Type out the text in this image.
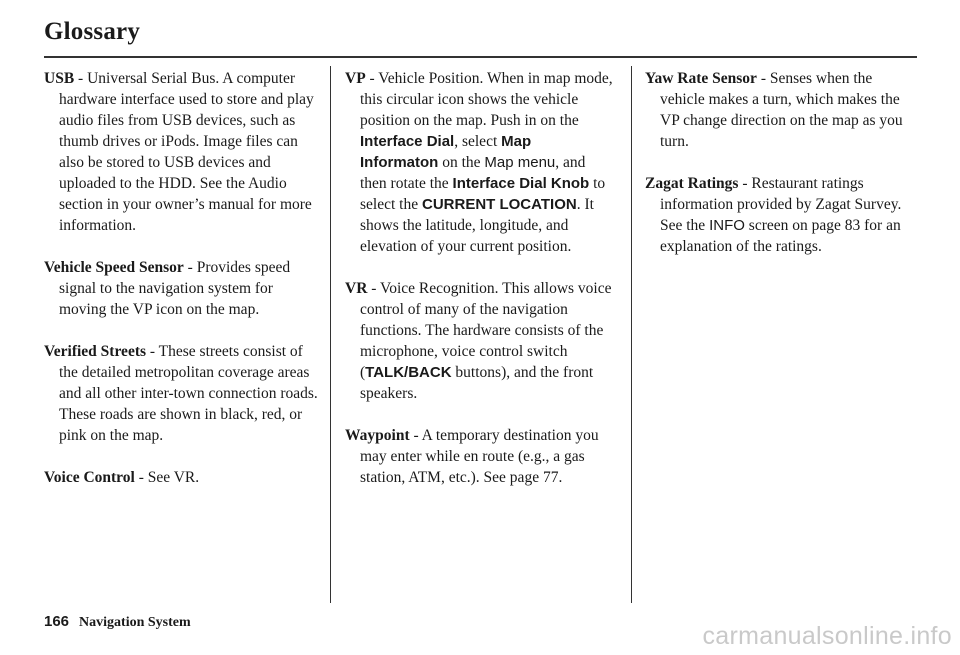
Glossary

USB - Universal Serial Bus. A computer hardware interface used to store and play audio files from USB devices, such as thumb drives or iPods. Image files can also be stored to USB devices and uploaded to the HDD. See the Audio section in your owner’s manual for more information.

Vehicle Speed Sensor - Provides speed signal to the navigation system for moving the VP icon on the map.

Verified Streets - These streets consist of the detailed metropolitan coverage areas and all other inter-town connection roads. These roads are shown in black, red, or pink on the map.

Voice Control - See VR.

VP - Vehicle Position. When in map mode, this circular icon shows the vehicle position on the map. Push in on the Interface Dial, select Map Informaton on the Map menu, and then rotate the Interface Dial Knob to select the CURRENT LOCATION. It shows the latitude, longitude, and elevation of your current position.

VR - Voice Recognition. This allows voice control of many of the navigation functions. The hardware consists of the microphone, voice control switch (TALK/BACK buttons), and the front speakers.

Waypoint - A temporary destination you may enter while en route (e.g., a gas station, ATM, etc.). See page 77.

Yaw Rate Sensor - Senses when the vehicle makes a turn, which makes the VP change direction on the map as you turn.

Zagat Ratings - Restaurant ratings information provided by Zagat Survey. See the INFO screen on page 83 for an explanation of the ratings.

166 Navigation System	carmanualsonline.info
